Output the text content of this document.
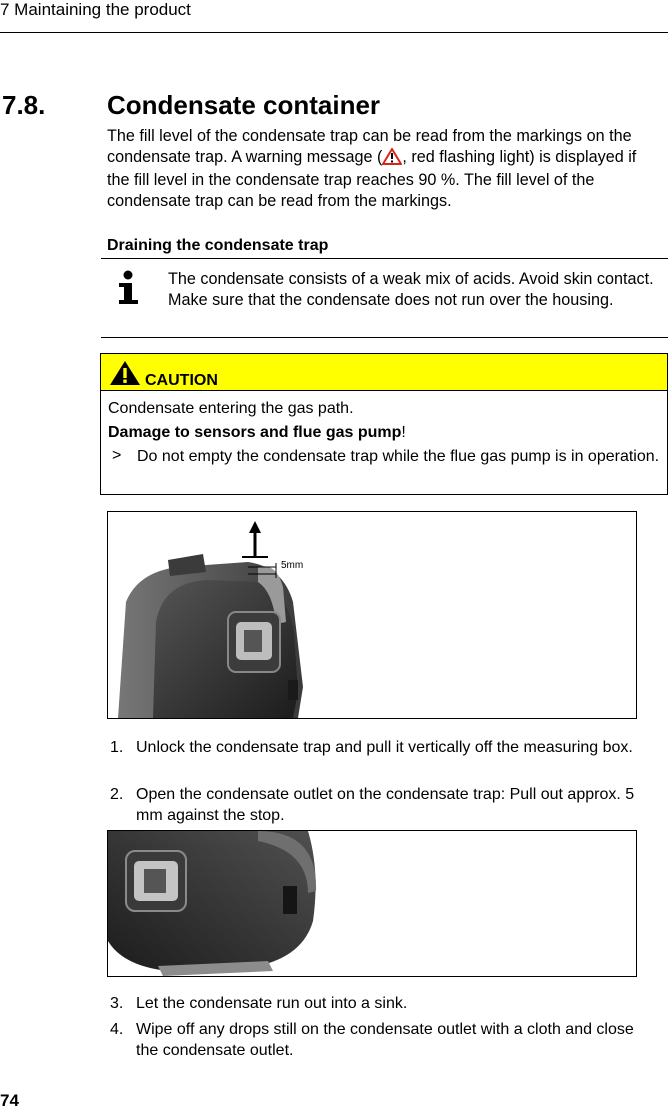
7 Maintaining the product
7.8. Condensate container
The fill level of the condensate trap can be read from the markings on the condensate trap. A warning message ( , red flashing light) is displayed if the fill level in the condensate trap reaches 90 %. The fill level of the condensate trap can be read from the markings.
Draining the condensate trap
The condensate consists of a weak mix of acids. Avoid skin contact. Make sure that the condensate does not run over the housing.
CAUTION
Condensate entering the gas path.
Damage to sensors and flue gas pump!
> Do not empty the condensate trap while the flue gas pump is in operation.
5mm
1. Unlock the condensate trap and pull it vertically off the measuring box.
2. Open the condensate outlet on the condensate trap: Pull out approx. 5 mm against the stop.
3. Let the condensate run out into a sink.
4. Wipe off any drops still on the condensate outlet with a cloth and close the condensate outlet.
74
